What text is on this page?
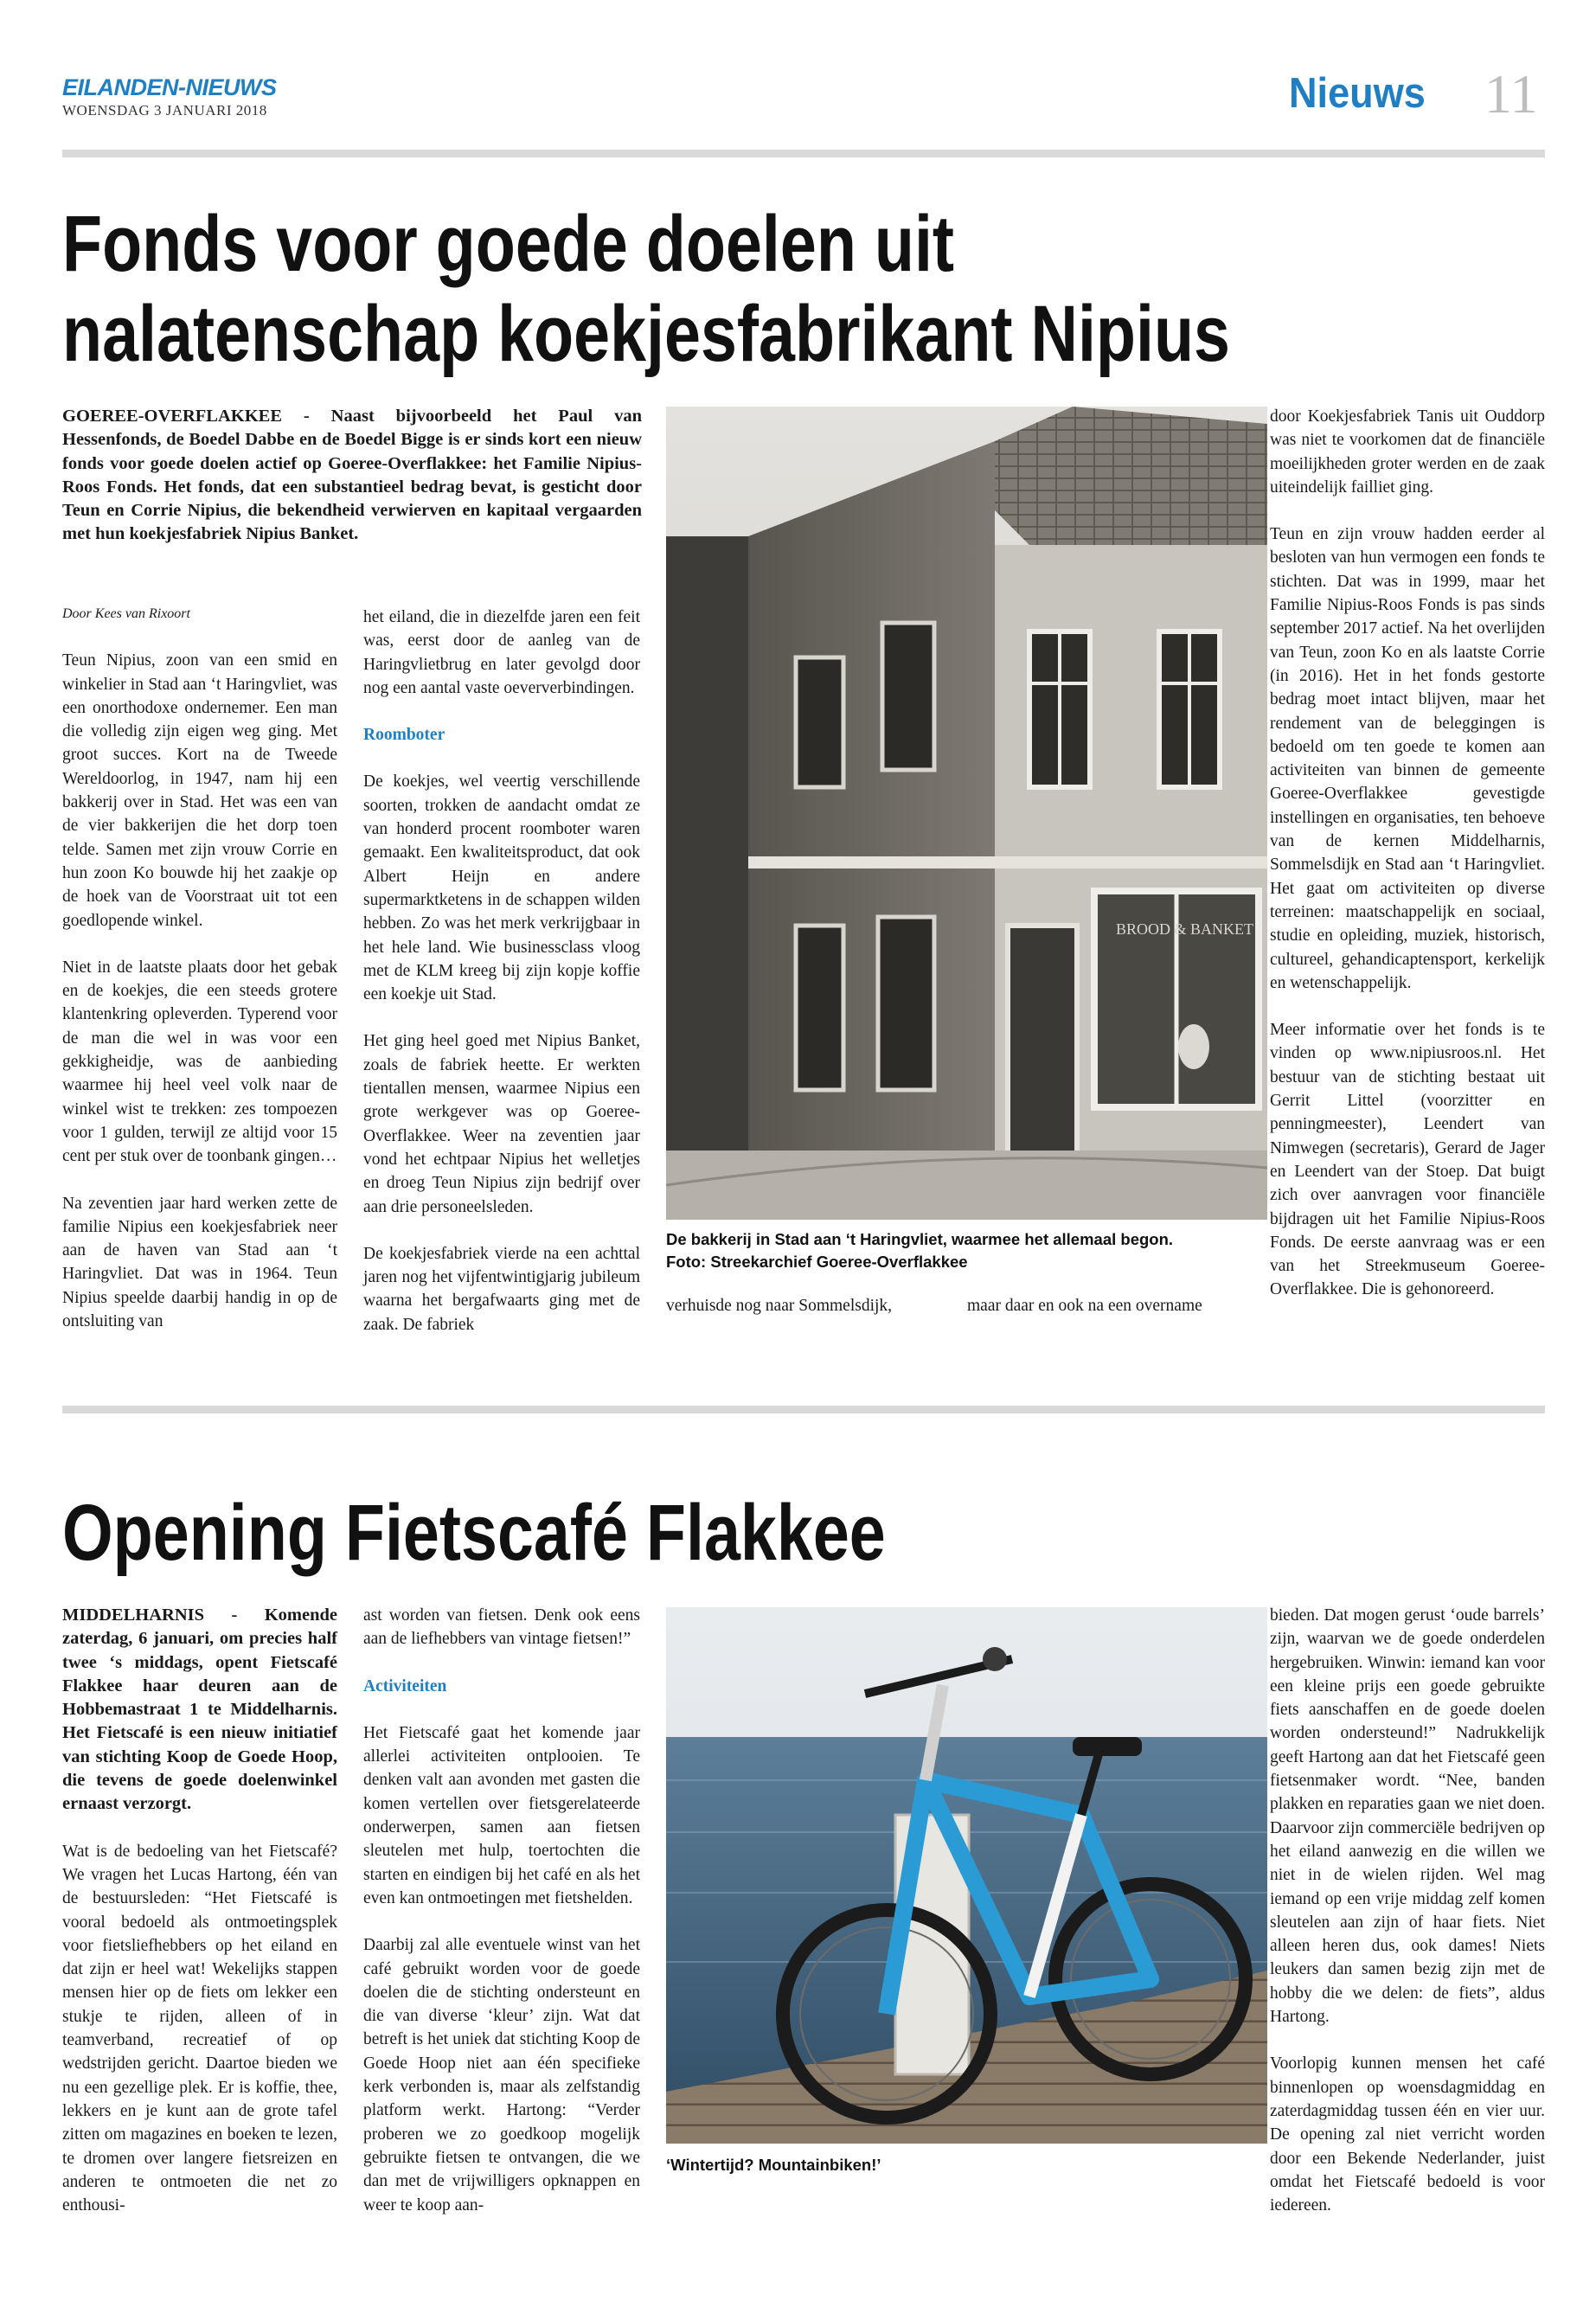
EILANDEN-NIEUWS
WOENSDAG 3 JANUARI 2018	Nieuws 11
Fonds voor goede doelen uit
nalatenschap koekjesfabrikant Nipius
GOEREE-OVERFLAKKEE - Naast bijvoorbeeld het Paul van Hessenfonds, de Boedel Dabbe en de Boedel Bigge is er sinds kort een nieuw fonds voor goede doelen actief op Goeree-Overflakkee: het Familie Nipius-Roos Fonds. Het fonds, dat een substantieel bedrag bevat, is gesticht door Teun en Corrie Nipius, die bekendheid verwierven en kapitaal vergaarden met hun koekjesfabriek Nipius Banket.

Door Kees van Rixoort

Teun Nipius, zoon van een smid en winkelier in Stad aan ‘t Haringvliet, was een onorthodoxe ondernemer. Een man die volledig zijn eigen weg ging. Met groot succes. Kort na de Tweede Wereldoorlog, in 1947, nam hij een bakkerij over in Stad. Het was een van de vier bakkerijen die het dorp toen telde. Samen met zijn vrouw Corrie en hun zoon Ko bouwde hij het zaakje op de hoek van de Voorstraat uit tot een goedlopende winkel.

Niet in de laatste plaats door het gebak en de koekjes, die een steeds grotere klantenkring opleverden. Typerend voor de man die wel in was voor een gekkigheidje, was de aanbieding waarmee hij heel veel volk naar de winkel wist te trekken: zes tompoezen voor 1 gulden, terwijl ze altijd voor 15 cent per stuk over de toonbank gingen…

Na zeventien jaar hard werken zette de familie Nipius een koekjesfabriek neer aan de haven van Stad aan ‘t Haringvliet. Dat was in 1964. Teun Nipius speelde daarbij handig in op de ontsluiting van

het eiland, die in diezelfde jaren een feit was, eerst door de aanleg van de Haringvlietbrug en later gevolgd door nog een aantal vaste oeververbindingen.

Roomboter

De koekjes, wel veertig verschillende soorten, trokken de aandacht omdat ze van honderd procent roomboter waren gemaakt. Een kwaliteitsproduct, dat ook Albert Heijn en andere supermarktketens in de schappen wilden hebben. Zo was het merk verkrijgbaar in het hele land. Wie businessclass vloog met de KLM kreeg bij zijn kopje koffie een koekje uit Stad.

Het ging heel goed met Nipius Banket, zoals de fabriek heette. Er werkten tientallen mensen, waarmee Nipius een grote werkgever was op Goeree-Overflakkee. Weer na zeventien jaar vond het echtpaar Nipius het welletjes en droeg Teun Nipius zijn bedrijf over aan drie personeelsleden.

De koekjesfabriek vierde na een achttal jaren nog het vijfentwintigjarig jubileum waarna het bergafwaarts ging met de zaak. De fabriek

BROOD & BANKET
De bakkerij in Stad aan ‘t Haringvliet, waarmee het allemaal begon.
Foto: Streekarchief Goeree-Overflakkee
verhuisde nog naar Sommelsdijk,	maar daar en ook na een overname

door Koekjesfabriek Tanis uit Ouddorp was niet te voorkomen dat de financiële moeilijkheden groter werden en de zaak uiteindelijk failliet ging.

Teun en zijn vrouw hadden eerder al besloten van hun vermogen een fonds te stichten. Dat was in 1999, maar het Familie Nipius-Roos Fonds is pas sinds september 2017 actief. Na het overlijden van Teun, zoon Ko en als laatste Corrie (in 2016). Het in het fonds gestorte bedrag moet intact blijven, maar het rendement van de beleggingen is bedoeld om ten goede te komen aan activiteiten van binnen de gemeente Goeree-Overflakkee gevestigde instellingen en organisaties, ten behoeve van de kernen Middelharnis, Sommelsdijk en Stad aan ‘t Haringvliet. Het gaat om activiteiten op diverse terreinen: maatschappelijk en sociaal, studie en opleiding, muziek, historisch, cultureel, gehandicaptensport, kerkelijk en wetenschappelijk.

Meer informatie over het fonds is te vinden op www.nipiusroos.nl. Het bestuur van de stichting bestaat uit Gerrit Littel (voorzitter en penningmeester), Leendert van Nimwegen (secretaris), Gerard de Jager en Leendert van der Stoep. Dat buigt zich over aanvragen voor financiële bijdragen uit het Familie Nipius-Roos Fonds. De eerste aanvraag was er een van het Streekmuseum Goeree-Overflakkee. Die is gehonoreerd.

Opening Fietscafé Flakkee

MIDDELHARNIS - Komende zaterdag, 6 januari, om precies half twee ‘s middags, opent Fietscafé Flakkee haar deuren aan de Hobbemastraat 1 te Middelharnis. Het Fietscafé is een nieuw initiatief van stichting Koop de Goede Hoop, die tevens de goede doelenwinkel ernaast verzorgt.

Wat is de bedoeling van het Fietscafé? We vragen het Lucas Hartong, één van de bestuursleden: “Het Fietscafé is vooral bedoeld als ontmoetingsplek voor fietsliefhebbers op het eiland en dat zijn er heel wat! Wekelijks stappen mensen hier op de fiets om lekker een stukje te rijden, alleen of in teamverband, recreatief of op wedstrijden gericht. Daartoe bieden we nu een gezellige plek. Er is koffie, thee, lekkers en je kunt aan de grote tafel zitten om magazines en boeken te lezen, te dromen over langere fietsreizen en anderen te ontmoeten die net zo enthousi-

ast worden van fietsen. Denk ook eens aan de liefhebbers van vintage fietsen!”

Activiteiten

Het Fietscafé gaat het komende jaar allerlei activiteiten ontplooien. Te denken valt aan avonden met gasten die komen vertellen over fietsgerelateerde onderwerpen, samen aan fietsen sleutelen met hulp, toertochten die starten en eindigen bij het café en als het even kan ontmoetingen met fietshelden.

Daarbij zal alle eventuele winst van het café gebruikt worden voor de goede doelen die de stichting ondersteunt en die van diverse ‘kleur’ zijn. Wat dat betreft is het uniek dat stichting Koop de Goede Hoop niet aan één specifieke kerk verbonden is, maar als zelfstandig platform werkt. Hartong: “Verder proberen we zo goedkoop mogelijk gebruikte fietsen te ontvangen, die we dan met de vrijwilligers opknappen en weer te koop aan-

‘Wintertijd? Mountainbiken!’

bieden. Dat mogen gerust ‘oude barrels’ zijn, waarvan we de goede onderdelen hergebruiken. Winwin: iemand kan voor een kleine prijs een goede gebruikte fiets aanschaffen en de goede doelen worden ondersteund!” Nadrukkelijk geeft Hartong aan dat het Fietscafé geen fietsenmaker wordt. “Nee, banden plakken en reparaties gaan we niet doen. Daarvoor zijn commerciële bedrijven op het eiland aanwezig en die willen we niet in de wielen rijden. Wel mag iemand op een vrije middag zelf komen sleutelen aan zijn of haar fiets. Niet alleen heren dus, ook dames! Niets leukers dan samen bezig zijn met de hobby die we delen: de fiets”, aldus Hartong.

Voorlopig kunnen mensen het café binnenlopen op woensdagmiddag en zaterdagmiddag tussen één en vier uur. De opening zal niet verricht worden door een Bekende Nederlander, juist omdat het Fietscafé bedoeld is voor iedereen.
